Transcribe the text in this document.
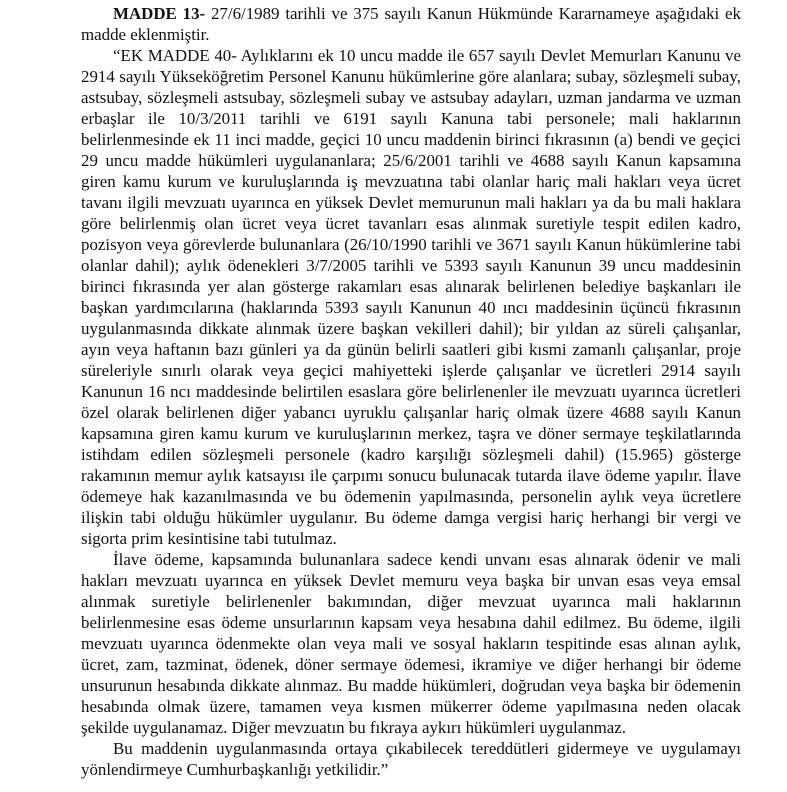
MADDE 13- 27/6/1989 tarihli ve 375 sayılı Kanun Hükmünde Kararnameye aşağıdaki ek madde eklenmiştir.

“EK MADDE 40- Aylıklarını ek 10 uncu madde ile 657 sayılı Devlet Memurları Kanunu ve 2914 sayılı Yükseköğretim Personel Kanunu hükümlerine göre alanlara; subay, sözleşmeli subay, astsubay, sözleşmeli astsubay, sözleşmeli subay ve astsubay adayları, uzman jandarma ve uzman erbaşlar ile 10/3/2011 tarihli ve 6191 sayılı Kanuna tabi personele; mali haklarının belirlenmesinde ek 11 inci madde, geçici 10 uncu maddenin birinci fıkrasının (a) bendi ve geçici 29 uncu madde hükümleri uygulananlara; 25/6/2001 tarihli ve 4688 sayılı Kanun kapsamına giren kamu kurum ve kuruluşlarında iş mevzuatına tabi olanlar hariç mali hakları veya ücret tavanı ilgili mevzuatı uyarınca en yüksek Devlet memurunun mali hakları ya da bu mali haklara göre belirlenmiş olan ücret veya ücret tavanları esas alınmak suretiyle tespit edilen kadro, pozisyon veya görevlerde bulunanlara (26/10/1990 tarihli ve 3671 sayılı Kanun hükümlerine tabi olanlar dahil); aylık ödenekleri 3/7/2005 tarihli ve 5393 sayılı Kanunun 39 uncu maddesinin birinci fıkrasında yer alan gösterge rakamları esas alınarak belirlenen belediye başkanları ile başkan yardımcılarına (haklarında 5393 sayılı Kanunun 40 ıncı maddesinin üçüncü fıkrasının uygulanmasında dikkate alınmak üzere başkan vekilleri dahil); bir yıldan az süreli çalışanlar, ayın veya haftanın bazı günleri ya da günün belirli saatleri gibi kısmi zamanlı çalışanlar, proje süreleriyle sınırlı olarak veya geçici mahiyetteki işlerde çalışanlar ve ücretleri 2914 sayılı Kanunun 16 ncı maddesinde belirtilen esaslara göre belirlenenler ile mevzuatı uyarınca ücretleri özel olarak belirlenen diğer yabancı uyruklu çalışanlar hariç olmak üzere 4688 sayılı Kanun kapsamına giren kamu kurum ve kuruluşlarının merkez, taşra ve döner sermaye teşkilatlarında istihdam edilen sözleşmeli personele (kadro karşılığı sözleşmeli dahil) (15.965) gösterge rakamının memur aylık katsayısı ile çarpımı sonucu bulunacak tutarda ilave ödeme yapılır. İlave ödemeye hak kazanılmasında ve bu ödemenin yapılmasında, personelin aylık veya ücretlere ilişkin tabi olduğu hükümler uygulanır. Bu ödeme damga vergisi hariç herhangi bir vergi ve sigorta prim kesintisine tabi tutulmaz.

İlave ödeme, kapsamında bulunanlara sadece kendi unvanı esas alınarak ödenir ve mali hakları mevzuatı uyarınca en yüksek Devlet memuru veya başka bir unvan esas veya emsal alınmak suretiyle belirlenenler bakımından, diğer mevzuat uyarınca mali haklarının belirlenmesine esas ödeme unsurlarının kapsam veya hesabına dahil edilmez. Bu ödeme, ilgili mevzuatı uyarınca ödenmekte olan veya mali ve sosyal hakların tespitinde esas alınan aylık, ücret, zam, tazminat, ödenek, döner sermaye ödemesi, ikramiye ve diğer herhangi bir ödeme unsurunun hesabında dikkate alınmaz. Bu madde hükümleri, doğrudan veya başka bir ödemenin hesabında olmak üzere, tamamen veya kısmen mükerrer ödeme yapılmasına neden olacak şekilde uygulanamaz. Diğer mevzuatın bu fıkraya aykırı hükümleri uygulanmaz.

Bu maddenin uygulanmasında ortaya çıkabilecek tereddütleri gidermeye ve uygulamayı yönlendirmeye Cumhurbaşkanlığı yetkilidir.”
